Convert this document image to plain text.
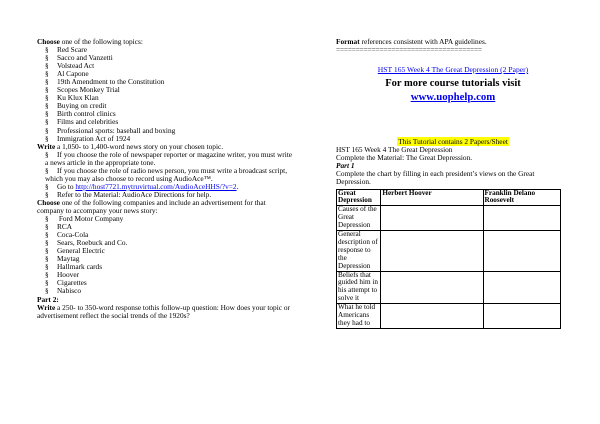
Choose one of the following topics:
§ Red Scare
§ Sacco and Vanzetti
§ Volstead Act
§ Al Capone
§ 19th Amendment to the Constitution
§ Scopes Monkey Trial
§ Ku Klux Klan
§ Buying on credit
§ Birth control clinics
§ Films and celebrities
§ Professional sports: baseball and boxing
§ Immigration Act of 1924
Write a 1,050- to 1,400-word news story on your chosen topic.
§ If you choose the role of newspaper reporter or magazine writer, you must write a news article in the appropriate tone.
§ If you choose the role of radio news person, you must write a broadcast script, which you may also choose to record using AudioAce™.
§ Go to http://host7721.mytruvirtual.com/AudioAceHHS/?v=2.
§ Refer to the Material: AudioAce Directions for help.
Choose one of the following companies and include an advertisement for that company to accompany your news story:
§ Ford Motor Company
§ RCA
§ Coca-Cola
§ Sears, Roebuck and Co.
§ General Electric
§ Maytag
§ Hallmark cards
§ Hoover
§ Cigarettes
§ Nabisco
Part 2:
Write a 250- to 350-word response tothis follow-up question: How does your topic or advertisement reflect the social trends of the 1920s?
Format references consistent with APA guidelines.
=====================================
HST 165 Week 4 The Great Depression (2 Paper)
For more course tutorials visit
www.uophelp.com
This Tutorial contains 2 Papers/Sheet
HST 165 Week 4 The Great Depression
Complete the Material: The Great Depression.
Part 1
Complete the chart by filling in each president’s views on the Great Depression.
Great Depression	Herbert Hoover	Franklin Delano Roosevelt
Causes of the Great Depression		
General description of response to the Depression		
Beliefs that guided him in his attempt to solve it		
What he told Americans they had to		
